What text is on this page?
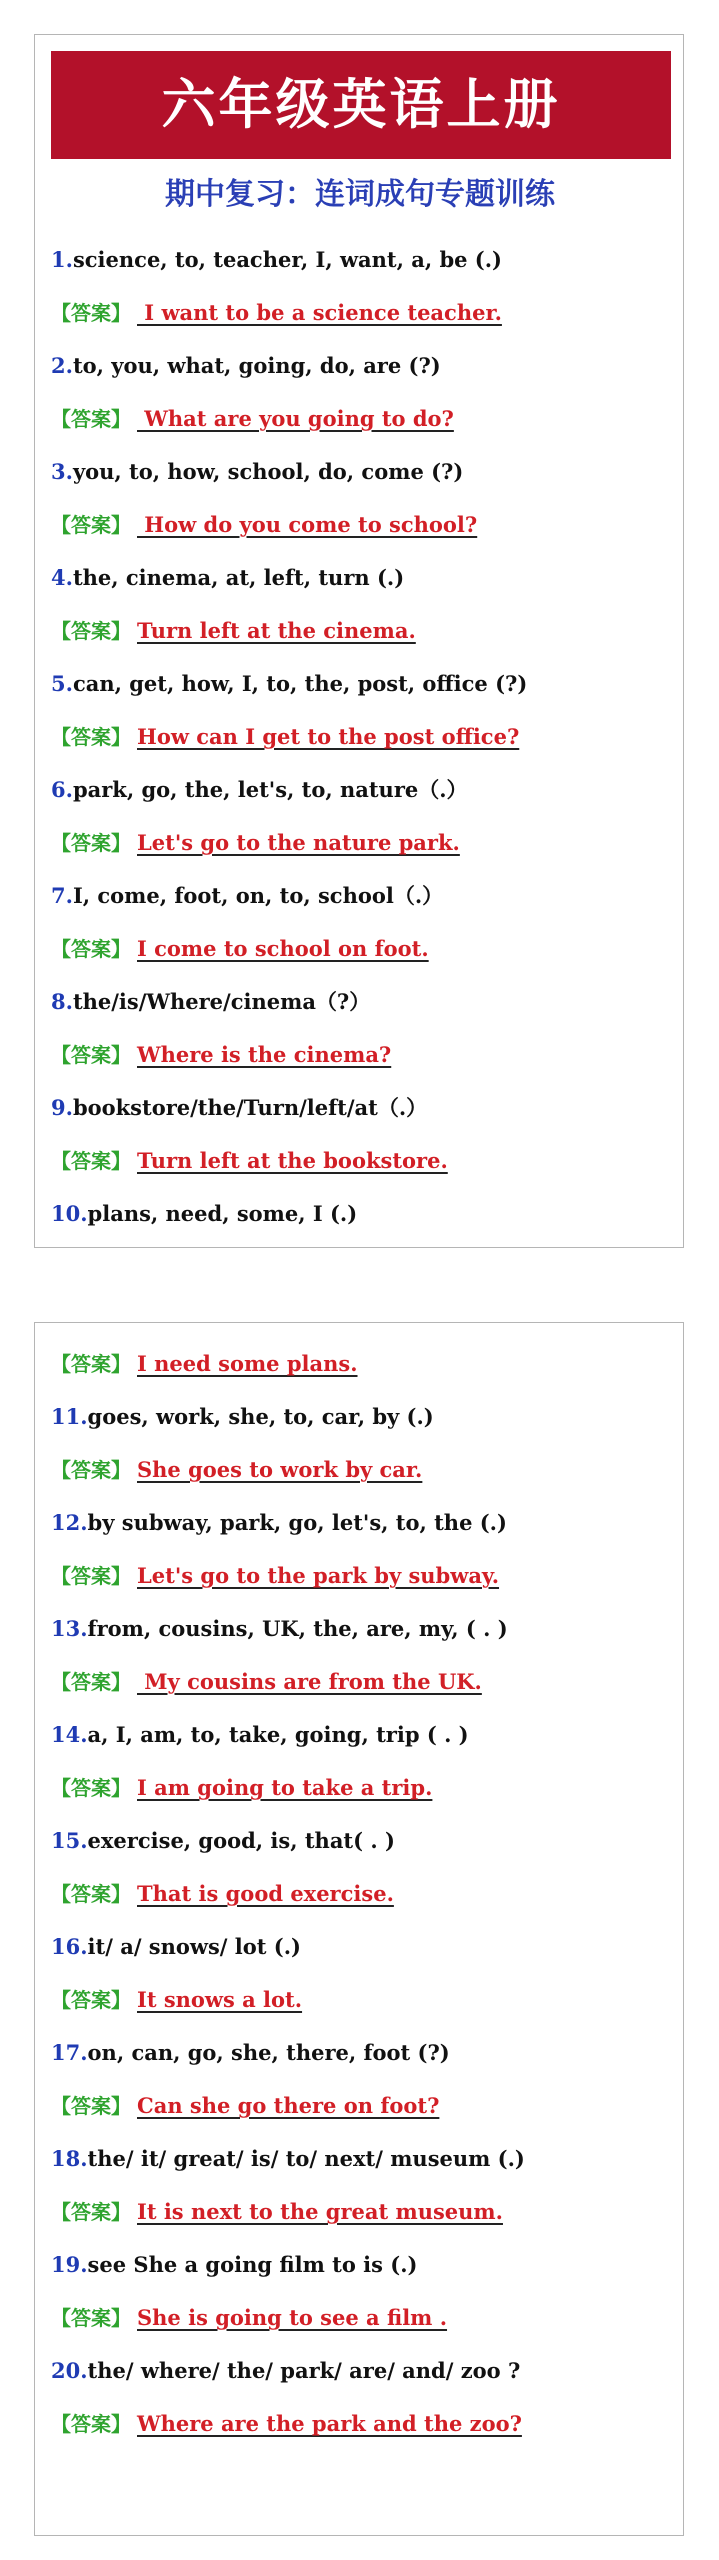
六年级英语上册
期中复习：连词成句专题训练
1.science, to, teacher, I, want, a, be (.)
【答案】 I want to be a science teacher.
2.to, you, what, going, do, are (?)
【答案】 What are you going to do?
3.you, to, how, school, do, come (?)
【答案】 How do you come to school?
4.the, cinema, at, left, turn (.)
【答案】 Turn left at the cinema.
5.can, get, how, I, to, the, post, office (?)
【答案】 How can I get to the post office?
6.park, go, the, let's, to, nature（.）
【答案】 Let's go to the nature park.
7.I, come, foot, on, to, school（.）
【答案】 I come to school on foot.
8.the/is/Where/cinema（?）
【答案】 Where is the cinema?
9.bookstore/the/Turn/left/at（.）
【答案】 Turn left at the bookstore.
10.plans, need, some, I (.)
【答案】 I need some plans.
11.goes, work, she, to, car, by (.)
【答案】 She goes to work by car.
12.by subway, park, go, let's, to, the (.)
【答案】 Let's go to the park by subway.
13.from, cousins, UK, the, are, my, ( . )
【答案】 My cousins are from the UK.
14.a, I, am, to, take, going, trip ( . )
【答案】 I am going to take a trip.
15.exercise, good, is, that( . )
【答案】 That is good exercise.
16.it/ a/ snows/ lot (.)
【答案】 It snows a lot.
17.on, can, go, she, there, foot (?)
【答案】 Can she go there on foot?
18.the/ it/ great/ is/ to/ next/ museum (.)
【答案】 It is next to the great museum.
19.see She a going film to is (.)
【答案】 She is going to see a film .
20.the/ where/ the/ park/ are/ and/ zoo ?
【答案】 Where are the park and the zoo?
